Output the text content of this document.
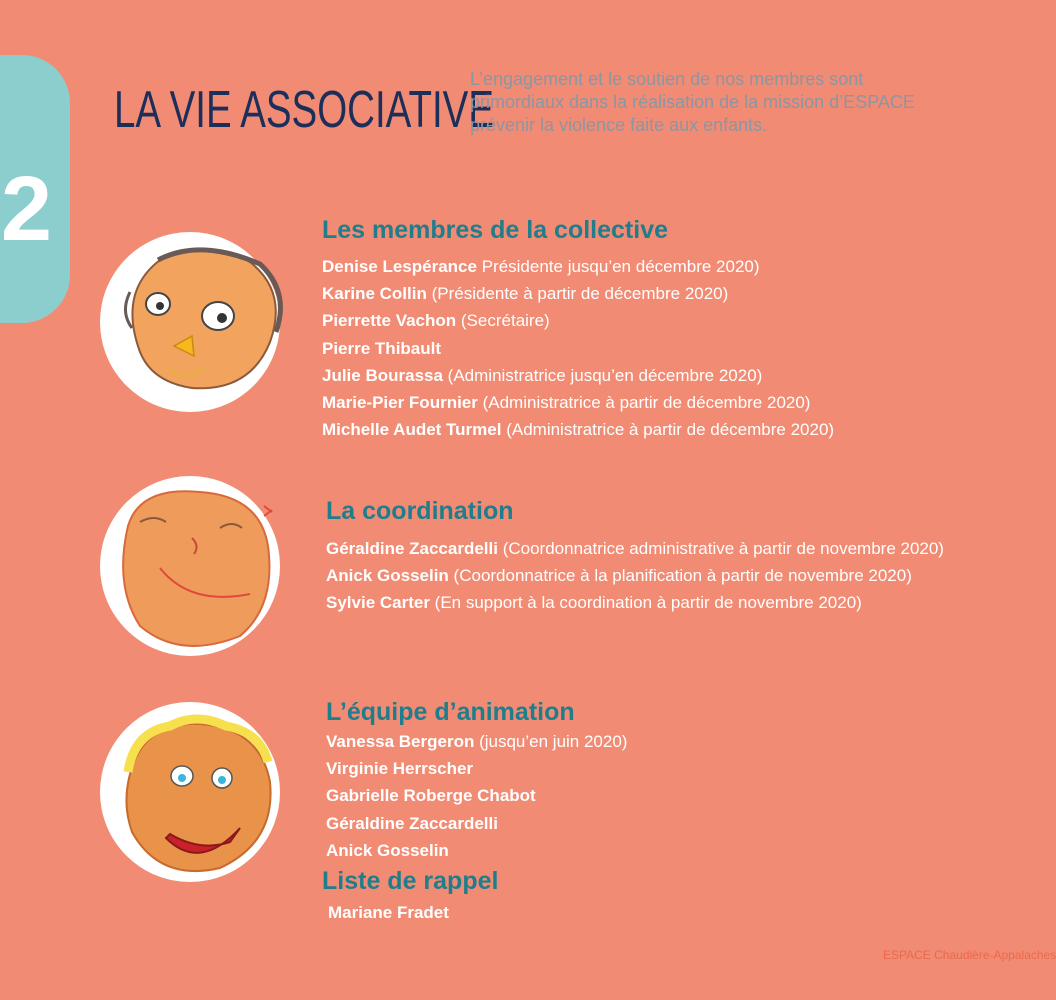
2
LA VIE ASSOCIATIVE
L’engagement et le soutien de nos membres sont
primordiaux dans la réalisation de la mission d’ESPACE
prévenir la violence faite aux enfants.
Les membres de la collective
Denise Lespérance Présidente jusqu’en décembre 2020)
Karine Collin (Présidente à partir de décembre 2020)
Pierrette Vachon (Secrétaire)
Pierre Thibault
Julie Bourassa (Administratrice jusqu’en décembre 2020)
Marie-Pier Fournier (Administratrice à partir de décembre 2020)
Michelle Audet Turmel (Administratrice à partir de décembre 2020)
La coordination
Géraldine Zaccardelli (Coordonnatrice administrative à partir de novembre 2020)
Anick Gosselin (Coordonnatrice à la planification à partir de novembre 2020)
Sylvie Carter (En support à la coordination à partir de novembre 2020)
L’équipe d’animation
Vanessa Bergeron (jusqu’en juin 2020)
Virginie Herrscher
Gabrielle Roberge Chabot
Géraldine Zaccardelli
Anick Gosselin
Liste de rappel
Mariane Fradet
ESPACE Chaudière-Appalaches
